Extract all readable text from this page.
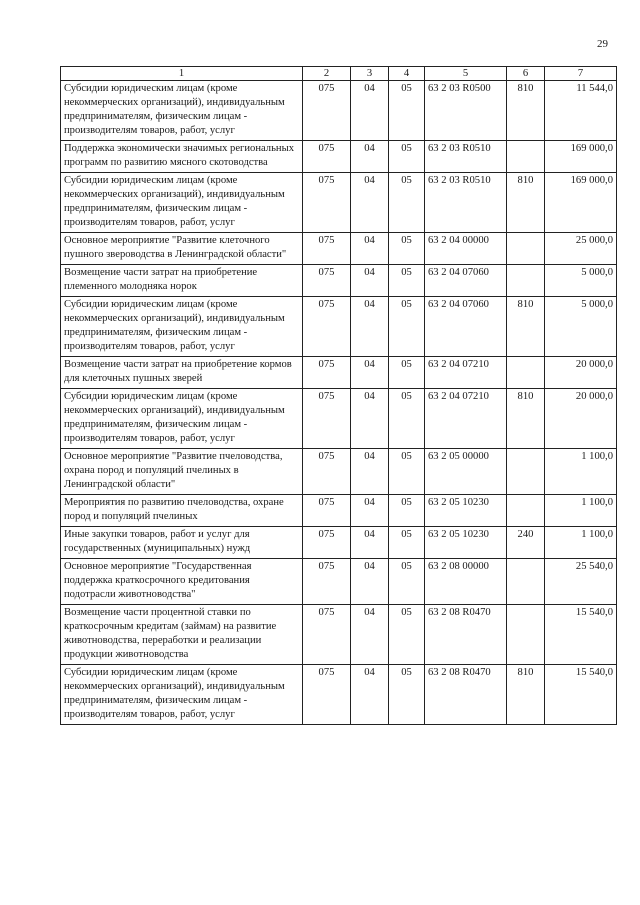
29
1	2	3	4	5	6	7
Субсидии юридическим лицам (кроме некоммерческих организаций), индивидуальным предпринимателям, физическим лицам - производителям товаров, работ, услуг	075	04	05	63 2 03 R0500	810	11 544,0
Поддержка экономически значимых региональных программ по развитию мясного скотоводства	075	04	05	63 2 03 R0510		169 000,0
Субсидии юридическим лицам (кроме некоммерческих организаций), индивидуальным предпринимателям, физическим лицам - производителям товаров, работ, услуг	075	04	05	63 2 03 R0510	810	169 000,0
Основное мероприятие "Развитие клеточного пушного звероводства в Ленинградской области"	075	04	05	63 2 04 00000		25 000,0
Возмещение части затрат на приобретение племенного молодняка норок	075	04	05	63 2 04 07060		5 000,0
Субсидии юридическим лицам (кроме некоммерческих организаций), индивидуальным предпринимателям, физическим лицам - производителям товаров, работ, услуг	075	04	05	63 2 04 07060	810	5 000,0
Возмещение части затрат на приобретение кормов для клеточных пушных зверей	075	04	05	63 2 04 07210		20 000,0
Субсидии юридическим лицам (кроме некоммерческих организаций), индивидуальным предпринимателям, физическим лицам - производителям товаров, работ, услуг	075	04	05	63 2 04 07210	810	20 000,0
Основное мероприятие "Развитие пчеловодства, охрана пород и популяций пчелиных в Ленинградской области"	075	04	05	63 2 05 00000		1 100,0
Мероприятия по развитию пчеловодства, охране пород и популяций пчелиных	075	04	05	63 2 05 10230		1 100,0
Иные закупки товаров, работ и услуг для государственных (муниципальных) нужд	075	04	05	63 2 05 10230	240	1 100,0
Основное мероприятие "Государственная поддержка краткосрочного кредитования подотрасли животноводства"	075	04	05	63 2 08 00000		25 540,0
Возмещение части процентной ставки по краткосрочным кредитам (займам) на развитие животноводства, переработки и реализации продукции животноводства	075	04	05	63 2 08 R0470		15 540,0
Субсидии юридическим лицам (кроме некоммерческих организаций), индивидуальным предпринимателям, физическим лицам - производителям товаров, работ, услуг	075	04	05	63 2 08 R0470	810	15 540,0
